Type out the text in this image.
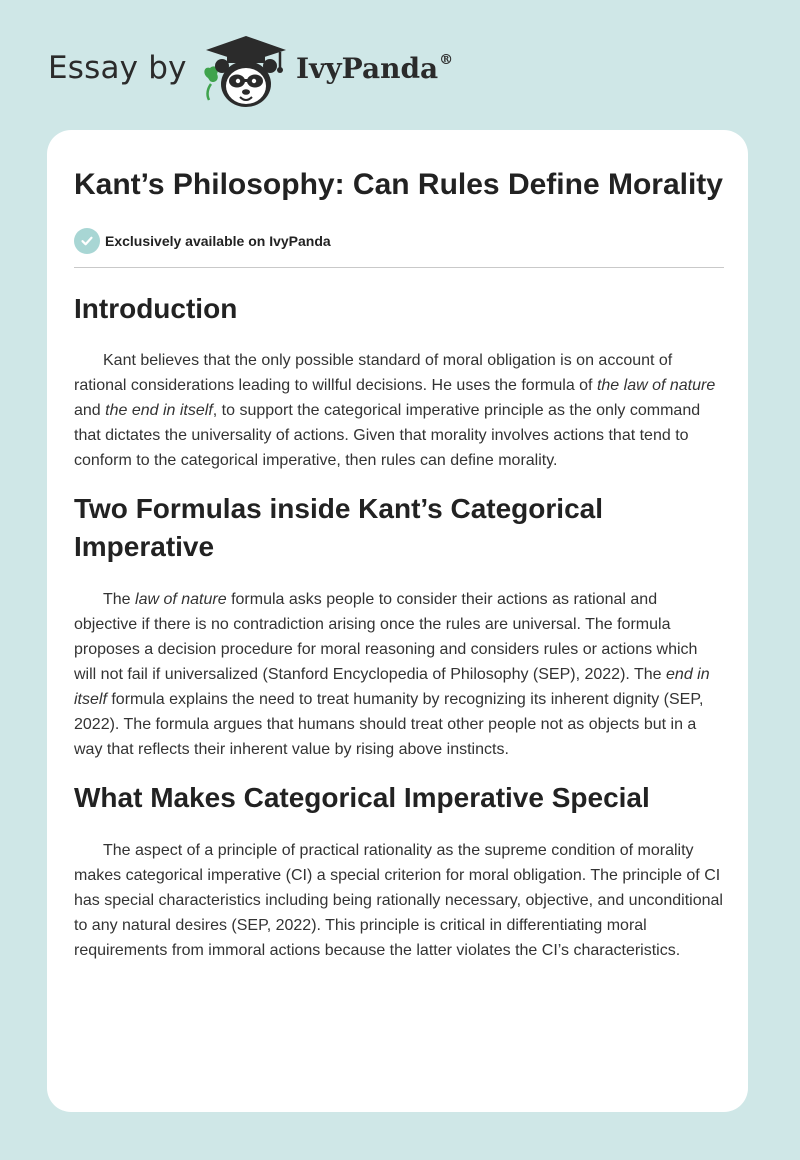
Essay by	IvyPanda®
Kant’s Philosophy: Can Rules Define Morality
Exclusively available on IvyPanda
Introduction

Kant believes that the only possible standard of moral obligation is on account of rational considerations leading to willful decisions. He uses the formula of the law of nature and the end in itself, to support the categorical imperative principle as the only command that dictates the universality of actions. Given that morality involves actions that tend to conform to the categorical imperative, then rules can define morality.

Two Formulas inside Kant’s Categorical Imperative

The law of nature formula asks people to consider their actions as rational and objective if there is no contradiction arising once the rules are universal. The formula proposes a decision procedure for moral reasoning and considers rules or actions which will not fail if universalized (Stanford Encyclopedia of Philosophy (SEP), 2022). The end in itself formula explains the need to treat humanity by recognizing its inherent dignity (SEP, 2022). The formula argues that humans should treat other people not as objects but in a way that reflects their inherent value by rising above instincts.

What Makes Categorical Imperative Special

The aspect of a principle of practical rationality as the supreme condition of morality makes categorical imperative (CI) a special criterion for moral obligation. The principle of CI has special characteristics including being rationally necessary, objective, and unconditional to any natural desires (SEP, 2022). This principle is critical in differentiating moral requirements from immoral actions because the latter violates the CI’s characteristics.
